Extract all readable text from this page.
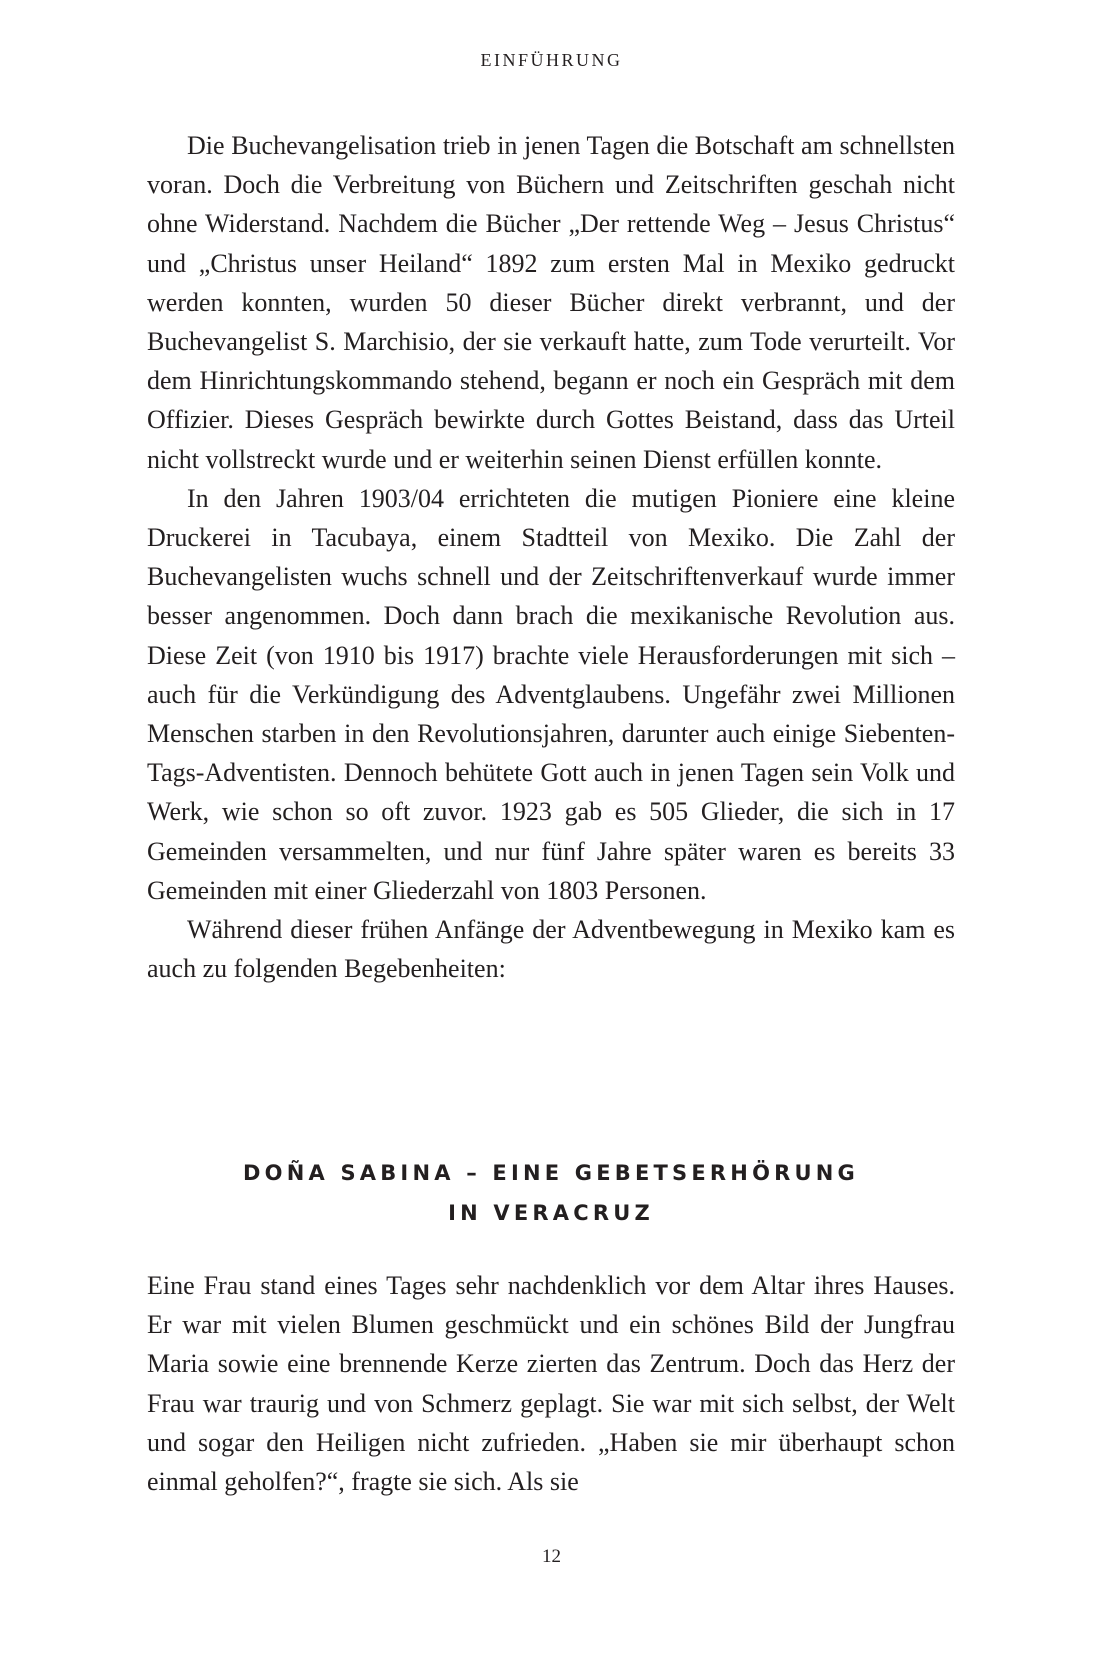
EINFÜHRUNG

Die Buchevangelisation trieb in jenen Tagen die Botschaft am schnellsten voran. Doch die Verbreitung von Büchern und Zeitschriften geschah nicht ohne Widerstand. Nachdem die Bücher „Der rettende Weg – Jesus Christus“ und „Christus unser Heiland“ 1892 zum ersten Mal in Mexiko gedruckt werden konnten, wurden 50 dieser Bücher direkt verbrannt, und der Buchevangelist S. Marchisio, der sie verkauft hatte, zum Tode verurteilt. Vor dem Hinrichtungskommando stehend, begann er noch ein Gespräch mit dem Offizier. Dieses Gespräch bewirkte durch Gottes Beistand, dass das Urteil nicht vollstreckt wurde und er weiterhin seinen Dienst erfüllen konnte.

In den Jahren 1903/04 errichteten die mutigen Pioniere eine kleine Druckerei in Tacubaya, einem Stadtteil von Mexiko. Die Zahl der Buchevangelisten wuchs schnell und der Zeitschriftenverkauf wurde immer besser angenommen. Doch dann brach die mexikanische Revolution aus. Diese Zeit (von 1910 bis 1917) brachte viele Herausforderungen mit sich – auch für die Verkündigung des Adventglaubens. Ungefähr zwei Millionen Menschen starben in den Revolutionsjahren, darunter auch einige Siebenten-Tags-Adventisten. Dennoch behütete Gott auch in jenen Tagen sein Volk und Werk, wie schon so oft zuvor. 1923 gab es 505 Glieder, die sich in 17 Gemeinden versammelten, und nur fünf Jahre später waren es bereits 33 Gemeinden mit einer Gliederzahl von 1803 Personen.

Während dieser frühen Anfänge der Adventbewegung in Mexiko kam es auch zu folgenden Begebenheiten:

DOÑA SABINA – EINE GEBETSERHÖRUNG
IN VERACRUZ

Eine Frau stand eines Tages sehr nachdenklich vor dem Altar ihres Hauses. Er war mit vielen Blumen geschmückt und ein schönes Bild der Jungfrau Maria sowie eine brennende Kerze zierten das Zentrum. Doch das Herz der Frau war traurig und von Schmerz geplagt. Sie war mit sich selbst, der Welt und sogar den Heiligen nicht zufrieden. „Haben sie mir überhaupt schon einmal geholfen?“, fragte sie sich. Als sie

12
